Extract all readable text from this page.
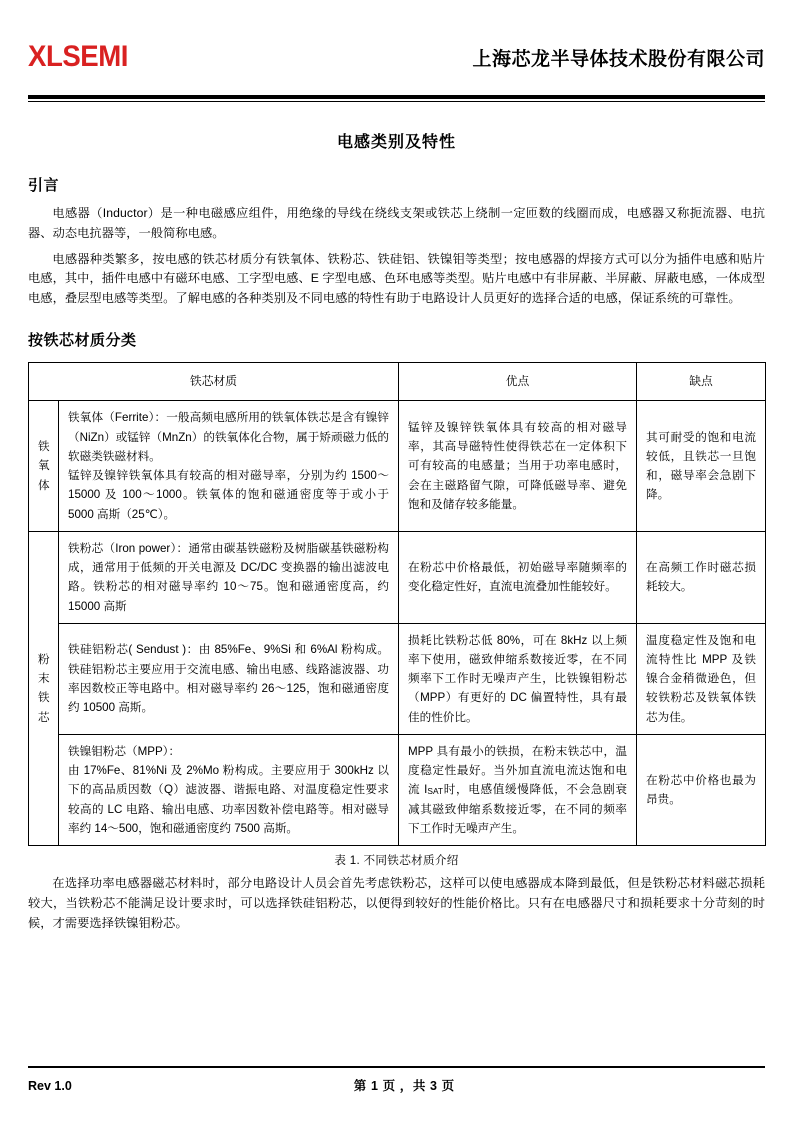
XLSEMI	上海芯龙半导体技术股份有限公司
电感类别及特性
引言

电感器（Inductor）是一种电磁感应组件，用绝缘的导线在绕线支架或铁芯上绕制一定匝数的线圈而成，电感器又称扼流器、电抗器、动态电抗器等，一般简称电感。

电感器种类繁多，按电感的铁芯材质分有铁氧体、铁粉芯、铁硅铝、铁镍钼等类型；按电感器的焊接方式可以分为插件电感和贴片电感，其中，插件电感中有磁环电感、工字型电感、E 字型电感、色环电感等类型。贴片电感中有非屏蔽、半屏蔽、屏蔽电感，一体成型电感，叠层型电感等类型。了解电感的各种类别及不同电感的特性有助于电路设计人员更好的选择合适的电感，保证系统的可靠性。

按铁芯材质分类
铁芯材质		优点	缺点

铁氧体	铁氧体（Ferrite）：一般高频电感所用的铁氧体铁芯是含有镍锌（NiZn）或锰锌（MnZn）的铁氧体化合物，属于矫顽磁力低的软磁类铁磁材料。
锰锌及镍锌铁氧体具有较高的相对磁导率，分别为约 1500～15000 及 100～1000。铁氧体的饱和磁通密度等于或小于 5000 高斯（25℃）。	锰锌及镍锌铁氧体具有较高的相对磁导率，其高导磁特性使得铁芯在一定体积下可有较高的电感量；当用于功率电感时，会在主磁路留气隙，可降低磁导率、避免饱和及储存较多能量。	其可耐受的饱和电流较低，且铁芯一旦饱和，磁导率会急剧下降。

粉末铁芯	铁粉芯（Iron power）：通常由碳基铁磁粉及树脂碳基铁磁粉构成，通常用于低频的开关电源及 DC/DC 变换器的输出滤波电路。铁粉芯的相对磁导率约 10～75。饱和磁通密度高，约 15000 高斯	在粉芯中价格最低，初始磁导率随频率的变化稳定性好，直流电流叠加性能较好。	在高频工作时磁芯损耗较大。

	铁硅铝粉芯( Sendust )：由 85%Fe、9%Si 和 6%Al 粉构成。铁硅铝粉芯主要应用于交流电感、输出电感、线路滤波器、功率因数校正等电路中。相对磁导率约 26～125，饱和磁通密度约 10500 高斯。	损耗比铁粉芯低 80%，可在 8kHz 以上频率下使用，磁致伸缩系数接近零，在不同频率下工作时无噪声产生，比铁镍钼粉芯（MPP）有更好的 DC 偏置特性，具有最佳的性价比。	温度稳定性及饱和电流特性比 MPP 及铁镍合金稍微逊色，但较铁粉芯及铁氧体铁芯为佳。

	铁镍钼粉芯（MPP）：
由 17%Fe、81%Ni 及 2%Mo 粉构成。主要应用于 300kHz 以下的高品质因数（Q）滤波器、谐振电路、对温度稳定性要求较高的 LC 电路、输出电感、功率因数补偿电路等。相对磁导率约 14～500，饱和磁通密度约 7500 高斯。	MPP 具有最小的铁损，在粉末铁芯中，温度稳定性最好。当外加直流电流达饱和电流 $I_{SAT}$时，电感值缓慢降低，不会急剧衰减其磁致伸缩系数接近零，在不同的频率下工作时无噪声产生。	在粉芯中价格也最为昂贵。
表 1. 不同铁芯材质介绍

在选择功率电感器磁芯材料时，部分电路设计人员会首先考虑铁粉芯，这样可以使电感器成本降到最低，但是铁粉芯材料磁芯损耗较大，当铁粉芯不能满足设计要求时，可以选择铁硅铝粉芯，以便得到较好的性能价格比。只有在电感器尺寸和损耗要求十分苛刻的时候，才需要选择铁镍钼粉芯。

Rev 1.0	第 1 页 ，共 3 页
